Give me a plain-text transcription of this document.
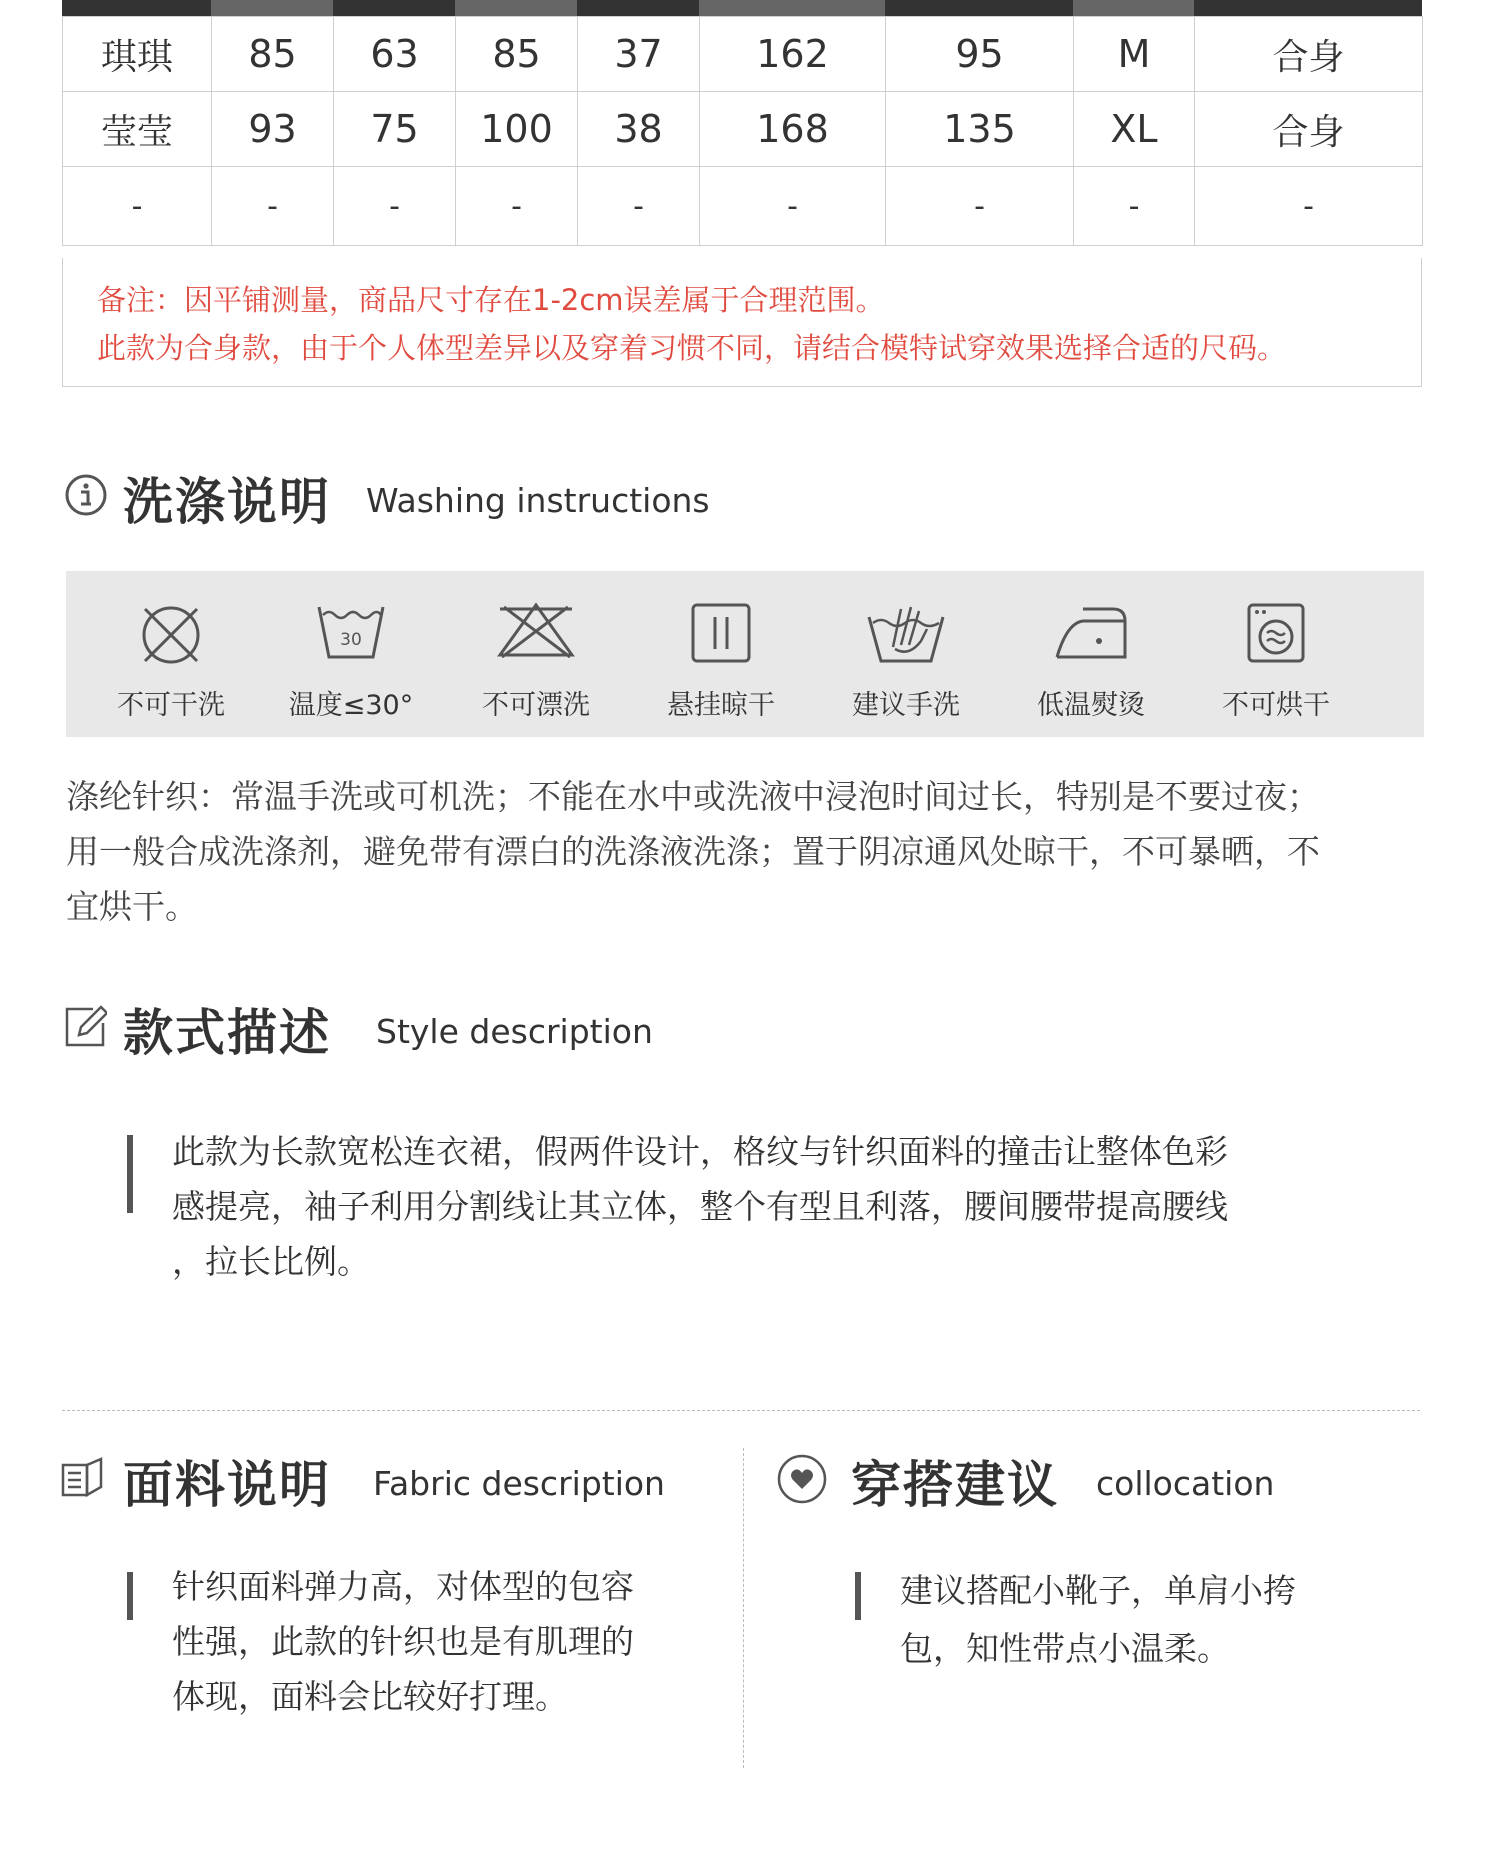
琪琪	85	63	85	37	162	95	M	合身
莹莹	93	75	100	38	168	135	XL	合身
-	-	-	-	-	-	-	-	-
备注：因平铺测量，商品尺寸存在1-2cm误差属于合理范围。
此款为合身款，由于个人体型差异以及穿着习惯不同，请结合模特试穿效果选择合适的尺码。
洗涤说明 Washing instructions
不可干洗
30
温度≤30°	不可漂洗	悬挂晾干	建议手洗	低温熨烫	不可烘干
涤纶针织：常温手洗或可机洗；不能在水中或洗液中浸泡时间过长，特别是不要过夜；
用一般合成洗涤剂，避免带有漂白的洗涤液洗涤；置于阴凉通风处晾干，不可暴晒，不
宜烘干。
款式描述 Style description
此款为长款宽松连衣裙，假两件设计，格纹与针织面料的撞击让整体色彩
感提亮，袖子利用分割线让其立体，整个有型且利落，腰间腰带提高腰线
，拉长比例。
面料说明 Fabric description
针织面料弹力高，对体型的包容
性强，此款的针织也是有肌理的
体现，面料会比较好打理。
穿搭建议 collocation
建议搭配小靴子，单肩小挎
包，知性带点小温柔。
